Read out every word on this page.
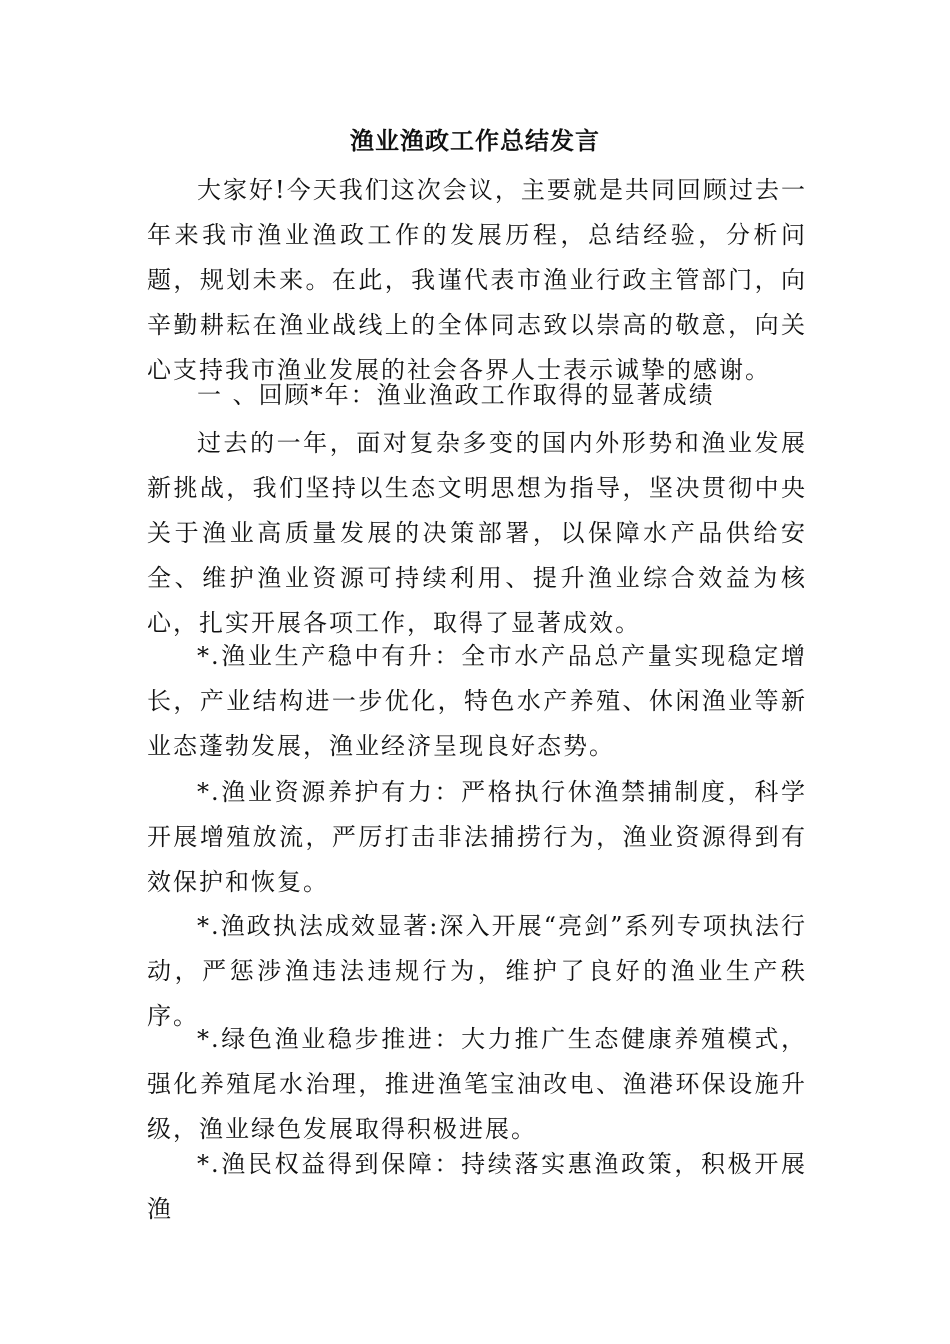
渔业渔政工作总结发言

大家好!今天我们这次会议，主要就是共同回顾过去一年来我市渔业渔政工作的发展历程，总结经验，分析问题，规划未来。在此，我谨代表市渔业行政主管部门，向辛勤耕耘在渔业战线上的全体同志致以崇高的敬意，向关心支持我市渔业发展的社会各界人士表示诚挚的感谢。

一 、回顾*年：渔业渔政工作取得的显著成绩

过去的一年，面对复杂多变的国内外形势和渔业发展新挑战，我们坚持以生态文明思想为指导，坚决贯彻中央关于渔业高质量发展的决策部署，以保障水产品供给安全、维护渔业资源可持续利用、提升渔业综合效益为核心，扎实开展各项工作，取得了显著成效。

*.渔业生产稳中有升：全市水产品总产量实现稳定增长，产业结构进一步优化，特色水产养殖、休闲渔业等新业态蓬勃发展，渔业经济呈现良好态势。

*.渔业资源养护有力：严格执行休渔禁捕制度，科学开展增殖放流，严厉打击非法捕捞行为，渔业资源得到有效保护和恢复。

*.渔政执法成效显著:深入开展“亮剑”系列专项执法行动，严惩涉渔违法违规行为，维护了良好的渔业生产秩序。

*.绿色渔业稳步推进：大力推广生态健康养殖模式，强化养殖尾水治理，推进渔笔宝油改电、渔港环保设施升级，渔业绿色发展取得积极进展。

*.渔民权益得到保障：持续落实惠渔政策，积极开展渔
